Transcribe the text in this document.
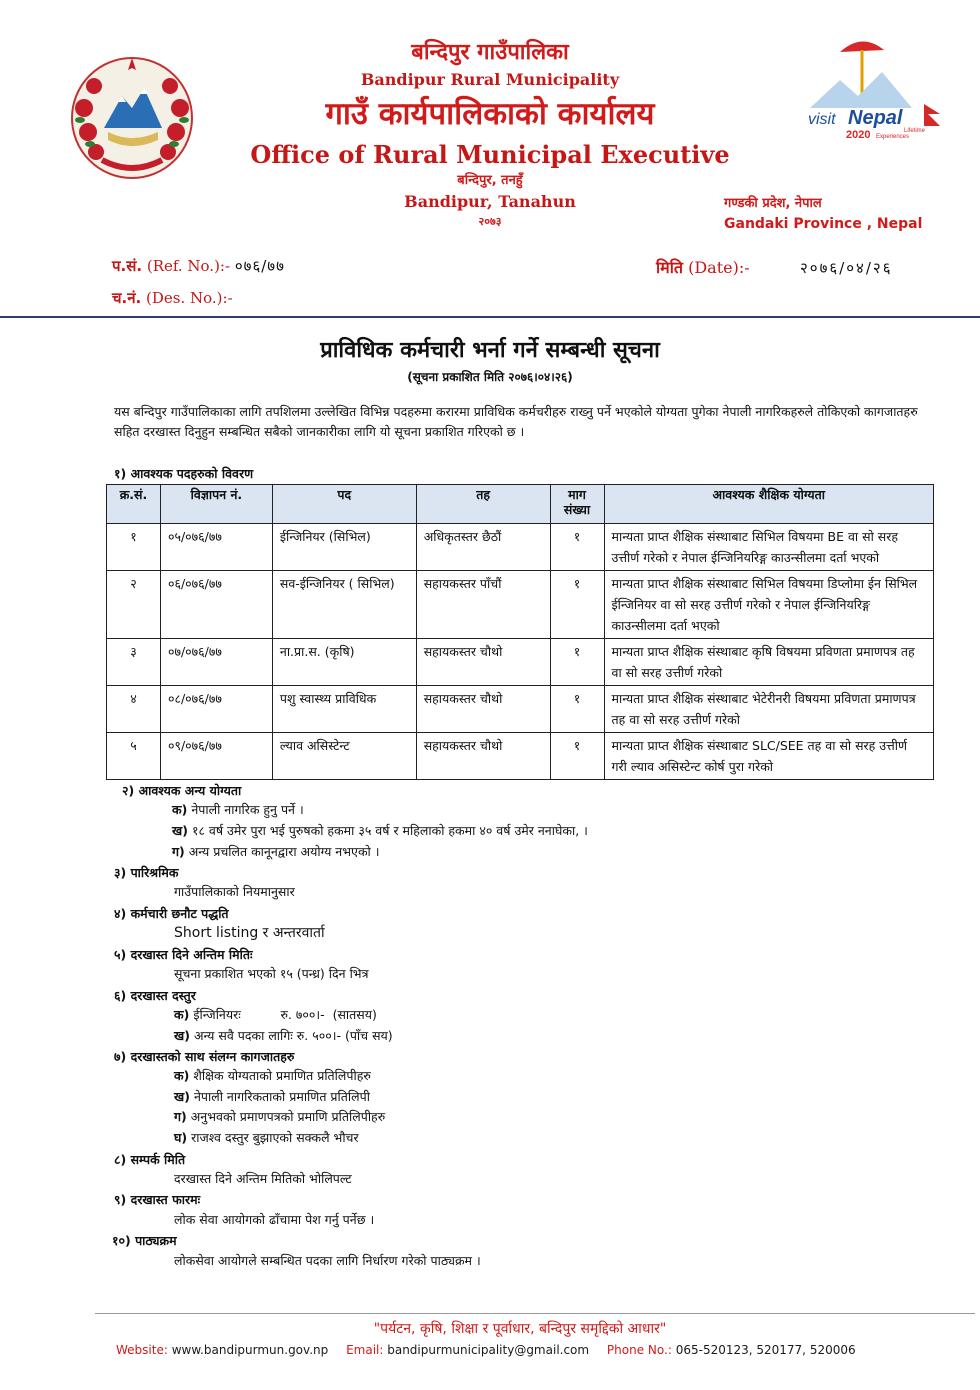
बन्दिपुर गाउँपालिका
Bandipur Rural Municipality
गाउँ कार्यपालिकाको कार्यालय
Office of Rural Municipal Executive
बन्दिपुर, तनहुँ
Bandipur, Tanahun
२०७३
गण्डकी प्रदेश, नेपाल
Gandaki Province , Nepal
visit Nepal
2020	Lifetime
Experiences
प.सं. (Ref. No.):- ०७६/७७
च.नं. (Des. No.):-
मिति (Date):-	२०७६/०४/२६
प्राविधिक कर्मचारी भर्ना गर्ने सम्बन्धी सूचना
(सूचना प्रकाशित मिति २०७६।०४।२६)
यस बन्दिपुर गाउँपालिकाका लागि तपशिलमा उल्लेखित विभिन्न पदहरुमा करारमा प्राविधिक कर्मचरीहरु राख्नु पर्ने भएकोले योग्यता पुगेका नेपाली नागरिकहरुले तोकिएको कागजातहरु सहित दरखास्त दिनुहुन सम्बन्धित सबैको जानकारीका लागि यो सूचना प्रकाशित गरिएको छ ।
१) आवश्यक पदहरुको विवरण
क्र.सं.	विज्ञापन नं.	पद	तह	माग संख्या	आवश्यक शैक्षिक योग्यता
१	०५/०७६/७७	ईन्जिनियर (सिभिल)	अधिकृतस्तर छैठौं	१	मान्यता प्राप्त शैक्षिक संस्थाबाट सिभिल विषयमा BE वा सो सरह उत्तीर्ण गरेको र नेपाल ईन्जिनियरिङ्ग काउन्सीलमा दर्ता भएको
२	०६/०७६/७७	सव-ईन्जिनियर ( सिभिल)	सहायकस्तर पाँचौं	१	मान्यता प्राप्त शैक्षिक संस्थाबाट सिभिल विषयमा डिप्लोमा ईन सिभिल ईन्जिनियर वा सो सरह उत्तीर्ण गरेको र नेपाल ईन्जिनियरिङ्ग काउन्सीलमा दर्ता भएको
३	०७/०७६/७७	ना.प्रा.स. (कृषि)	सहायकस्तर चौथो	१	मान्यता प्राप्त शैक्षिक संस्थाबाट कृषि विषयमा प्रविणता प्रमाणपत्र तह वा सो सरह उत्तीर्ण गरेको
४	०८/०७६/७७	पशु स्वास्थ्य प्राविधिक	सहायकस्तर चौथो	१	मान्यता प्राप्त शैक्षिक संस्थाबाट भेटेरीनरी विषयमा प्रविणता प्रमाणपत्र तह वा सो सरह उत्तीर्ण गरेको
५	०९/०७६/७७	ल्याव असिस्टेन्ट	सहायकस्तर चौथो	१	मान्यता प्राप्त शैक्षिक संस्थाबाट SLC/SEE तह वा सो सरह उत्तीर्ण गरी ल्याव असिस्टेन्ट कोर्ष पुरा गरेको
२) आवश्यक अन्य योग्यता
क) नेपाली नागरिक हुनु पर्ने ।
ख) १८ वर्ष उमेर पुरा भई पुरुषको हकमा ३५ वर्ष र महिलाको हकमा ४० वर्ष उमेर ननाघेका, ।
ग) अन्य प्रचलित कानूनद्वारा अयोग्य नभएको ।
३) पारिश्रमिक
गाउँपालिकाको नियमानुसार
४) कर्मचारी छनौट पद्धति
Short listing र अन्तरवार्ता
५) दरखास्त दिने अन्तिम मितिः
सूचना प्रकाशित भएको १५ (पन्ध्र) दिन भित्र
६) दरखास्त दस्तुर
क) ईन्जिनियरः          रु. ७००।-  (सातसय)
ख) अन्य सवै पदका लागिः रु. ५००।- (पाँच सय)
७) दरखास्तको साथ संलग्न कागजातहरु
क) शैक्षिक योग्यताको प्रमाणित प्रतिलिपीहरु
ख) नेपाली नागरिकताको प्रमाणित प्रतिलिपी
ग) अनुभवको प्रमाणपत्रको प्रमाणि प्रतिलिपीहरु
घ) राजश्व दस्तुर बुझाएको सक्कलै भौचर
८) सम्पर्क मिति
दरखास्त दिने अन्तिम मितिको भोलिपल्ट
९) दरखास्त फारमः
लोक सेवा आयोगको ढाँचामा पेश गर्नु पर्नेछ ।
१०) पाठ्यक्रम
लोकसेवा आयोगले सम्बन्धित पदका लागि निर्धारण गरेको पाठ्यक्रम ।
"पर्यटन, कृषि, शिक्षा र पूर्वाधार, बन्दिपुर समृद्दिको आधार"
Website: www.bandipurmun.gov.np Email: bandipurmunicipality@gmail.com Phone No.: 065-520123, 520177, 520006
